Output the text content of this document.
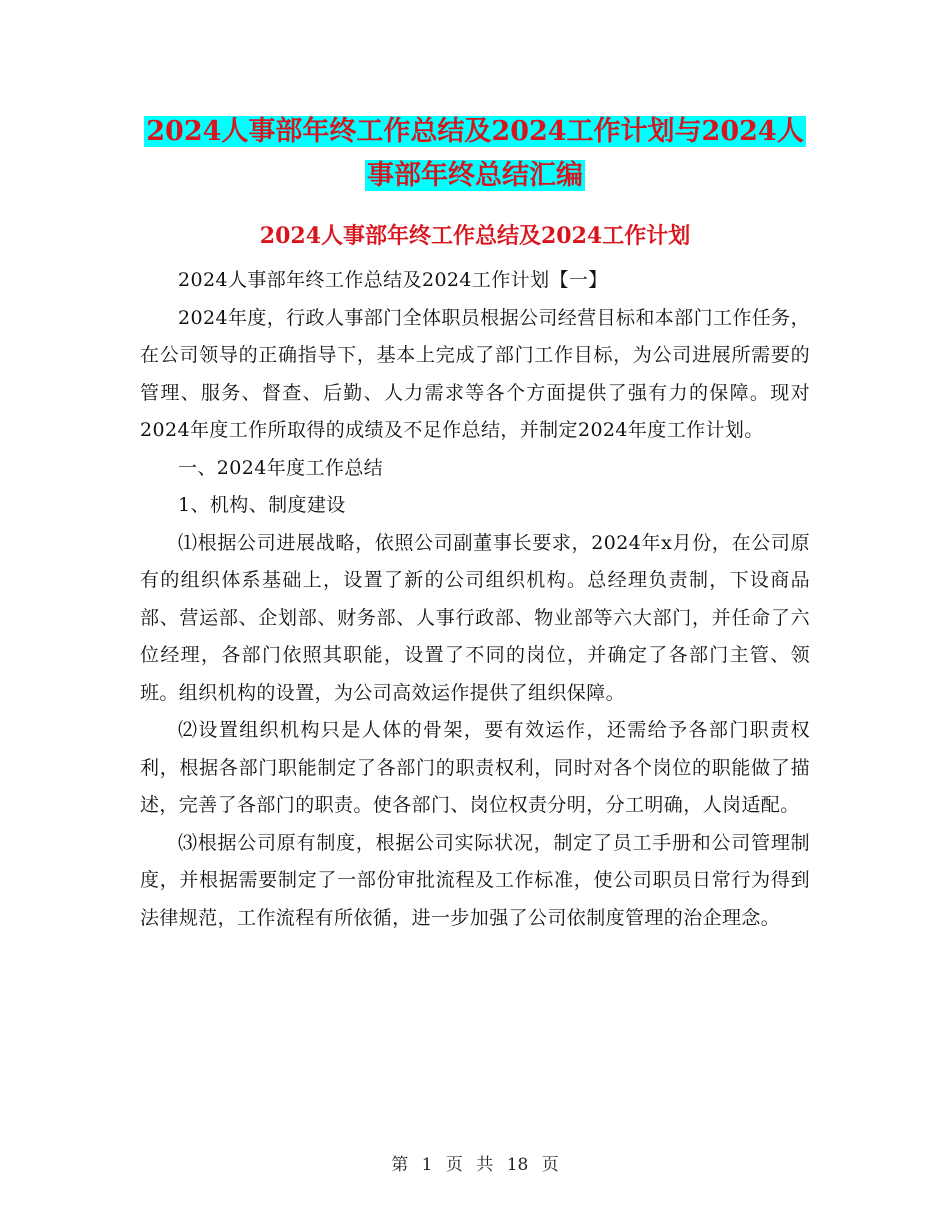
2024人事部年终工作总结及2024工作计划与2024人
事部年终总结汇编
2024人事部年终工作总结及2024工作计划

2024人事部年终工作总结及2024工作计划【一】

2024年度，行政人事部门全体职员根据公司经营目标和本部门工作任务，在公司领导的正确指导下，基本上完成了部门工作目标，为公司进展所需要的管理、服务、督查、后勤、人力需求等各个方面提供了强有力的保障。现对2024年度工作所取得的成绩及不足作总结，并制定2024年度工作计划。

一、2024年度工作总结

1、机构、制度建设

⑴根据公司进展战略，依照公司副董事长要求，2024年x月份，在公司原有的组织体系基础上，设置了新的公司组织机构。总经理负责制，下设商品部、营运部、企划部、财务部、人事行政部、物业部等六大部门，并任命了六位经理，各部门依照其职能，设置了不同的岗位，并确定了各部门主管、领班。组织机构的设置，为公司高效运作提供了组织保障。

⑵设置组织机构只是人体的骨架，要有效运作，还需给予各部门职责权利，根据各部门职能制定了各部门的职责权利，同时对各个岗位的职能做了描述，完善了各部门的职责。使各部门、岗位权责分明，分工明确，人岗适配。

⑶根据公司原有制度，根据公司实际状况，制定了员工手册和公司管理制度，并根据需要制定了一部份审批流程及工作标准，使公司职员日常行为得到法律规范，工作流程有所依循，进一步加强了公司依制度管理的治企理念。

第 1 页 共 18 页
